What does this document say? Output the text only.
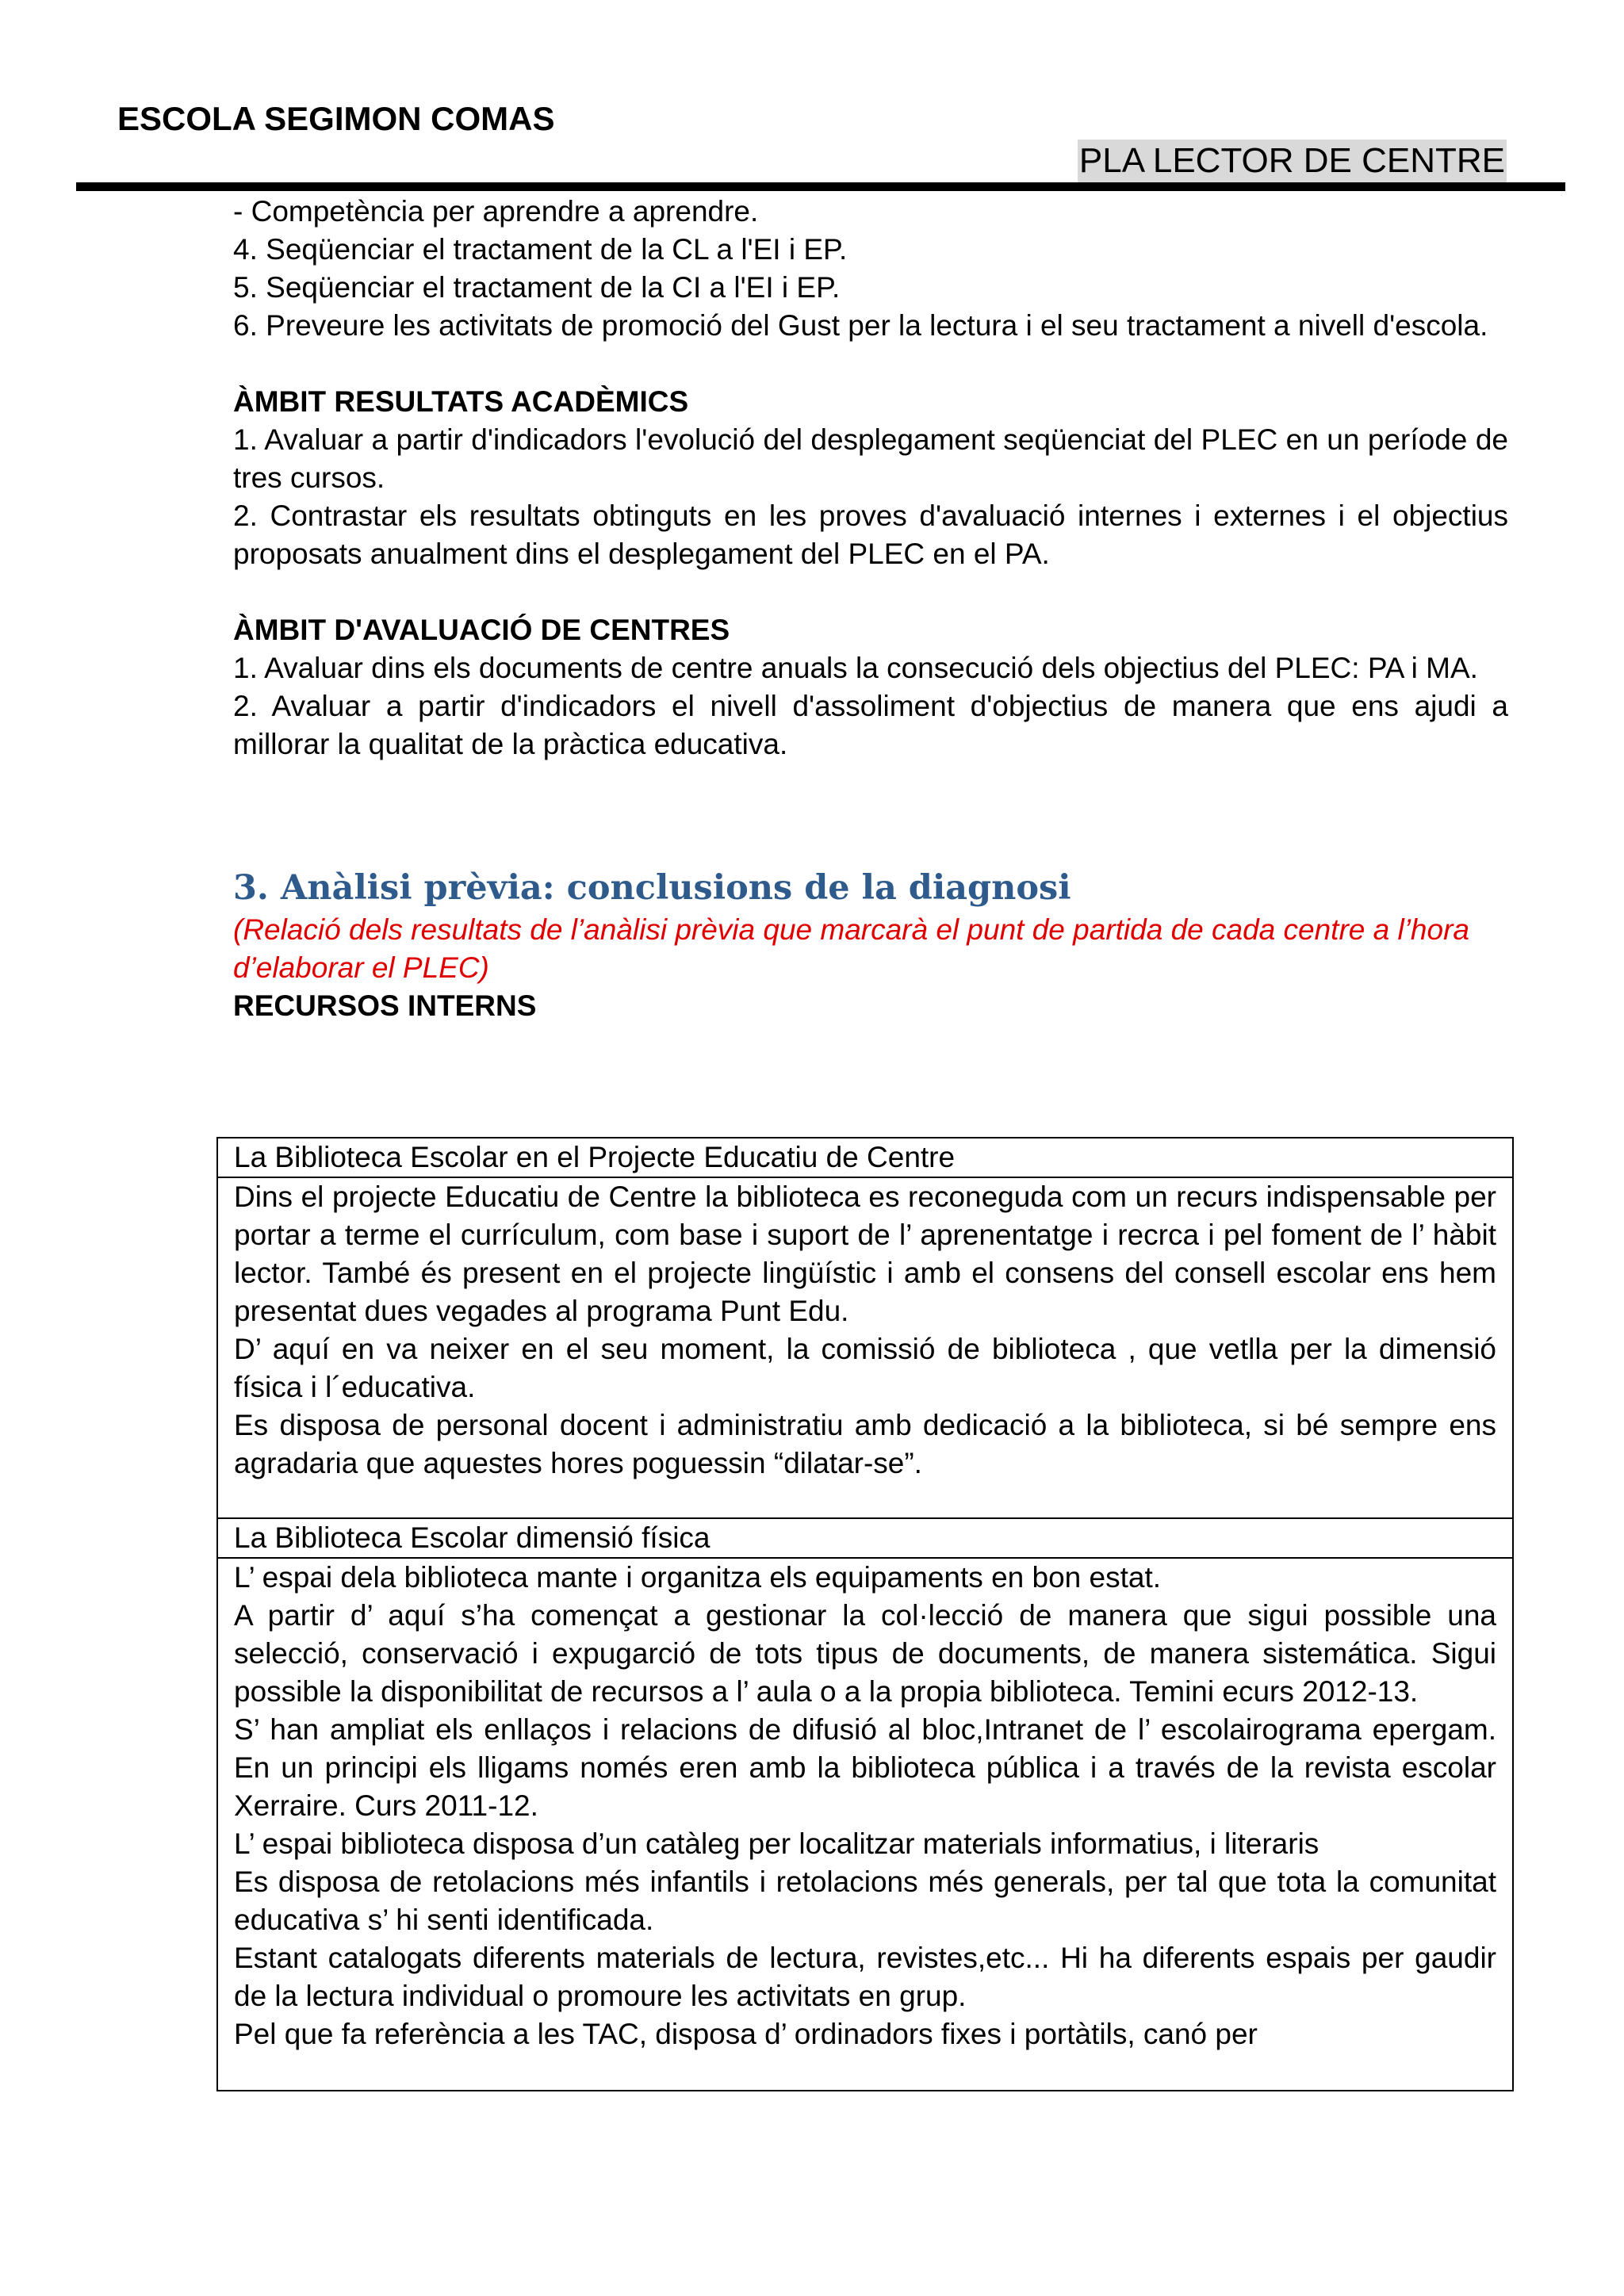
ESCOLA SEGIMON COMAS
PLA LECTOR DE CENTRE

- Competència per aprendre a aprendre.

4. Seqüenciar el tractament de la CL a l'EI i EP.

5. Seqüenciar el tractament de la CI a l'EI i EP.

6. Preveure les activitats de promoció del Gust per la lectura i el seu tractament a nivell d'escola.

ÀMBIT RESULTATS ACADÈMICS

1. Avaluar a partir d'indicadors l'evolució del desplegament seqüenciat del PLEC en un període de tres cursos.

2. Contrastar els resultats obtinguts en les proves d'avaluació internes i externes i el objectius proposats anualment dins el desplegament del PLEC en el PA.

ÀMBIT D'AVALUACIÓ DE CENTRES

1. Avaluar dins els documents de centre anuals la consecució dels objectius del PLEC: PA i MA.

2. Avaluar a partir d'indicadors el nivell d'assoliment d'objectius de manera que ens ajudi a millorar la qualitat de la pràctica educativa.

3. Anàlisi prèvia: conclusions de la diagnosi

(Relació dels resultats de l’anàlisi prèvia que marcarà el punt de partida de cada centre a l’hora d’elaborar el PLEC)

RECURSOS INTERNS

La Biblioteca Escolar en el Projecte Educatiu de Centre

Dins el projecte Educatiu de Centre la biblioteca es reconeguda com un recurs indispensable per portar a terme el currículum, com base i suport de l’ aprenentatge i recrca i pel foment de l’ hàbit lector. També és present en el projecte lingüístic i amb el consens del consell escolar ens hem presentat dues vegades al programa Punt Edu.

D’ aquí en va neixer en el seu moment, la comissió de biblioteca , que vetlla per la dimensió física i l´educativa.

Es disposa de personal docent i administratiu amb dedicació a la biblioteca, si bé sempre ens agradaria que aquestes hores poguessin “dilatar-se”.

La Biblioteca Escolar dimensió física

L’ espai dela biblioteca mante i organitza els equipaments en bon estat.

A partir d’ aquí s’ha començat a gestionar la col·lecció de manera que sigui possible una selecció, conservació i expugarció de tots tipus de documents, de manera sistemática. Sigui possible la disponibilitat de recursos a l’ aula o a la propia biblioteca. Temini ecurs 2012-13.

S’ han ampliat els enllaços i relacions de difusió al bloc,Intranet de l’ escolairograma epergam. En un principi els lligams només eren amb la biblioteca pública i a través de la revista escolar Xerraire. Curs 2011-12.

L’ espai biblioteca disposa d’un catàleg per localitzar materials informatius, i literaris

Es disposa de retolacions més infantils i retolacions més generals, per tal que tota la comunitat educativa s’ hi senti identificada.

Estant catalogats diferents materials de lectura, revistes,etc... Hi ha diferents espais per gaudir de la lectura individual o promoure les activitats en grup.

Pel que fa referència a les TAC, disposa d’ ordinadors fixes i portàtils, canó per
